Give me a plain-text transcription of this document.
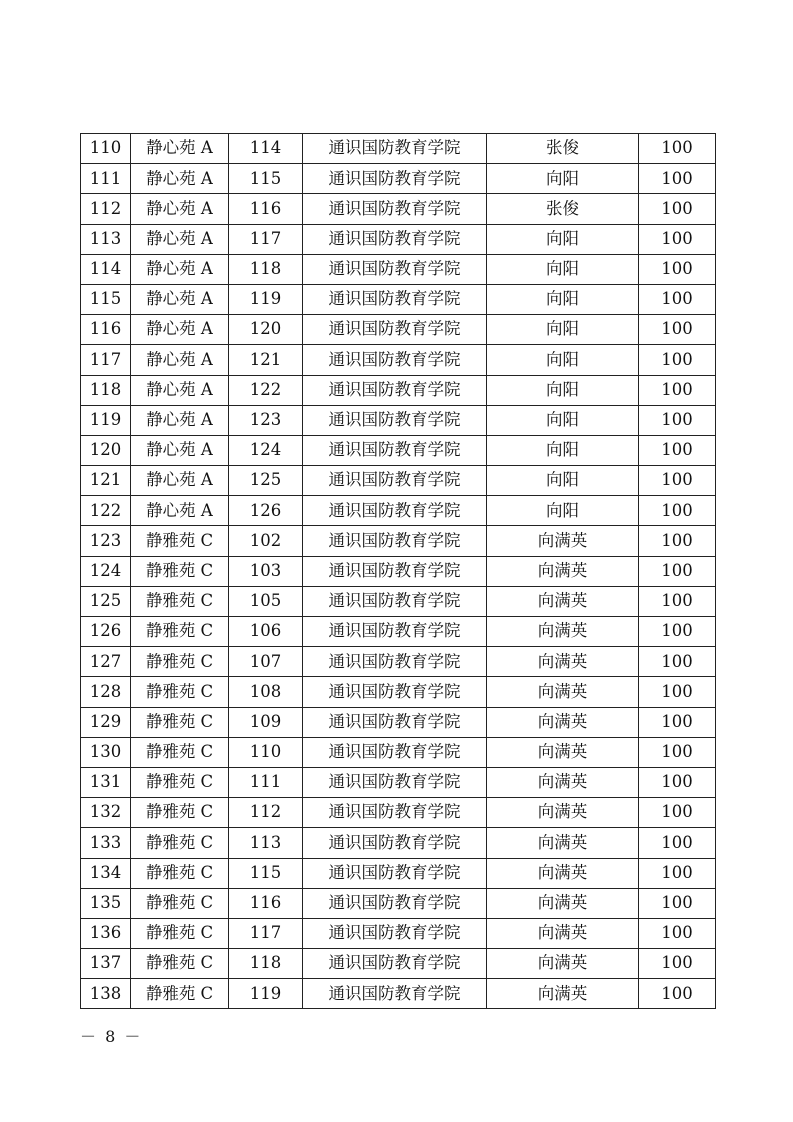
110	静心苑 A	114	通识国防教育学院	张俊	100
111	静心苑 A	115	通识国防教育学院	向阳	100
112	静心苑 A	116	通识国防教育学院	张俊	100
113	静心苑 A	117	通识国防教育学院	向阳	100
114	静心苑 A	118	通识国防教育学院	向阳	100
115	静心苑 A	119	通识国防教育学院	向阳	100
116	静心苑 A	120	通识国防教育学院	向阳	100
117	静心苑 A	121	通识国防教育学院	向阳	100
118	静心苑 A	122	通识国防教育学院	向阳	100
119	静心苑 A	123	通识国防教育学院	向阳	100
120	静心苑 A	124	通识国防教育学院	向阳	100
121	静心苑 A	125	通识国防教育学院	向阳	100
122	静心苑 A	126	通识国防教育学院	向阳	100
123	静雅苑 C	102	通识国防教育学院	向满英	100
124	静雅苑 C	103	通识国防教育学院	向满英	100
125	静雅苑 C	105	通识国防教育学院	向满英	100
126	静雅苑 C	106	通识国防教育学院	向满英	100
127	静雅苑 C	107	通识国防教育学院	向满英	100
128	静雅苑 C	108	通识国防教育学院	向满英	100
129	静雅苑 C	109	通识国防教育学院	向满英	100
130	静雅苑 C	110	通识国防教育学院	向满英	100
131	静雅苑 C	111	通识国防教育学院	向满英	100
132	静雅苑 C	112	通识国防教育学院	向满英	100
133	静雅苑 C	113	通识国防教育学院	向满英	100
134	静雅苑 C	115	通识国防教育学院	向满英	100
135	静雅苑 C	116	通识国防教育学院	向满英	100
136	静雅苑 C	117	通识国防教育学院	向满英	100
137	静雅苑 C	118	通识国防教育学院	向满英	100
138	静雅苑 C	119	通识国防教育学院	向满英	100
－ 8 －
